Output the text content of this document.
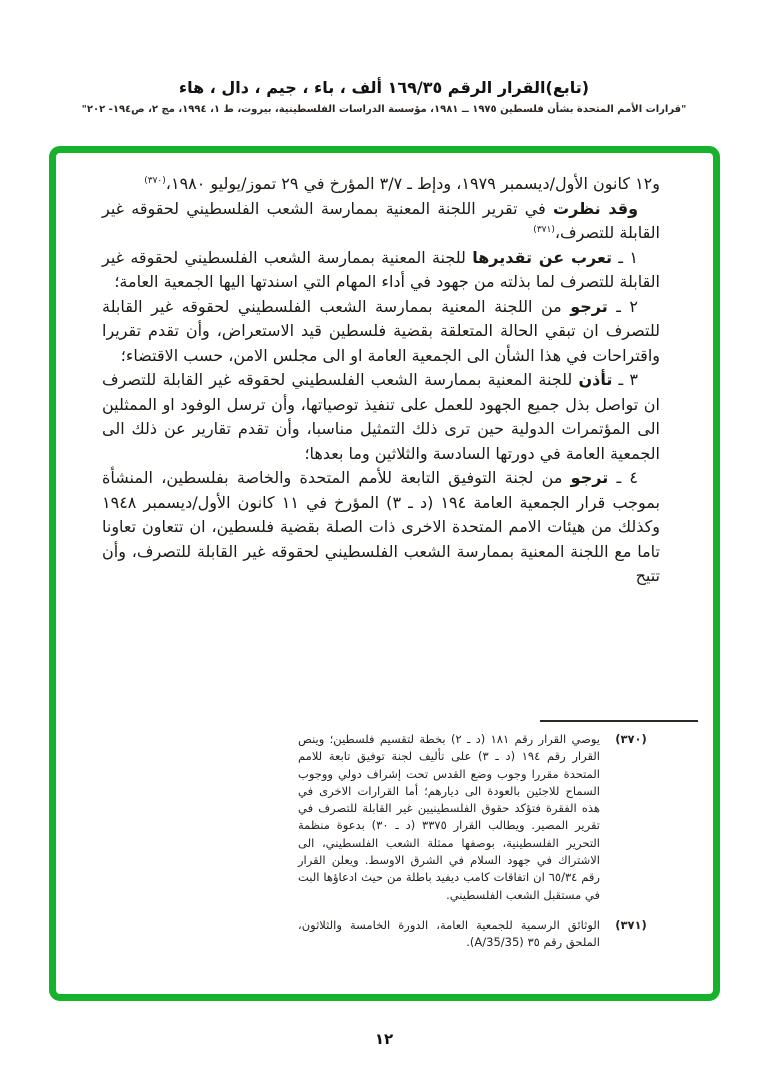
(تابع)القرار الرقم ١٦٩/٣٥ ألف ، باء ، جيم ، دال ، هاء
"قرارات الأمم المتحدة بشأن فلسطين ١٩٧٥ ــ ١٩٨١، مؤسسة الدراسات الفلسطينية، بيروت، ط ١، ١٩٩٤، مج ٢، ص١٩٤- ٢٠٢"

و١٢ كانون الأول/ديسمبر ١٩٧٩، ودإط ـ ٣/٧ المؤرخ في ٢٩ تموز/يوليو ١٩٨٠،$^{(٣٧٠)}$

وقد نظرت في تقرير اللجنة المعنية بممارسة الشعب الفلسطيني لحقوقه غير القابلة للتصرف،$^{(٣٧١)}$

١ ـ تعرب عن تقديرها للجنة المعنية بممارسة الشعب الفلسطيني لحقوقه غير القابلة للتصرف لما بذلته من جهود في أداء المهام التي اسندتها اليها الجمعية العامة؛

٢ ـ ترجو من اللجنة المعنية بممارسة الشعب الفلسطيني لحقوقه غير القابلة للتصرف ان تبقي الحالة المتعلقة بقضية فلسطين قيد الاستعراض، وأن تقدم تقريرا واقتراحات في هذا الشأن الى الجمعية العامة او الى مجلس الامن، حسب الاقتضاء؛

٣ ـ تأذن للجنة المعنية بممارسة الشعب الفلسطيني لحقوقه غير القابلة للتصرف ان تواصل بذل جميع الجهود للعمل على تنفيذ توصياتها، وأن ترسل الوفود او الممثلين الى المؤتمرات الدولية حين ترى ذلك التمثيل مناسبا، وأن تقدم تقارير عن ذلك الى الجمعية العامة في دورتها السادسة والثلاثين وما بعدها؛

٤ ـ ترجو من لجنة التوفيق التابعة للأمم المتحدة والخاصة بفلسطين، المنشأة بموجب قرار الجمعية العامة ١٩٤ (د ـ ٣) المؤرخ في ١١ كانون الأول/ديسمبر ١٩٤٨ وكذلك من هيئات الامم المتحدة الاخرى ذات الصلة بقضية فلسطين، ان تتعاون تعاونا تاما مع اللجنة المعنية بممارسة الشعب الفلسطيني لحقوقه غير القابلة للتصرف، وأن تتيح

(٣٧٠)
يوصي القرار رقم ١٨١ (د ـ ٢) بخطة لتقسيم فلسطين؛ وينص القرار رقم ١٩٤ (د ـ ٣) على تأليف لجنة توفيق تابعة للامم المتحدة مقررا وجوب وضع القدس تحت إشراف دولي ووجوب السماح للاجئين بالعودة الى ديارهم؛ أما القرارات الاخرى في هذه الفقرة فتؤكد حقوق الفلسطينيين غير القابلة للتصرف في تقرير المصير. ويطالب القرار ٣٣٧٥ (د ـ ٣٠) بدعوة منظمة التحرير الفلسطينية، بوصفها ممثلة الشعب الفلسطيني، الى الاشتراك في جهود السلام في الشرق الاوسط. ويعلن القرار رقم ٦٥/٣٤ ان اتفاقات كامب ديفيد باطلة من حيث ادعاؤها البت في مستقبل الشعب الفلسطيني.
(٣٧١)
الوثائق الرسمية للجمعية العامة، الدورة الخامسة والثلاثون، الملحق رقم ٣٥ (A/35/35).
١٢
